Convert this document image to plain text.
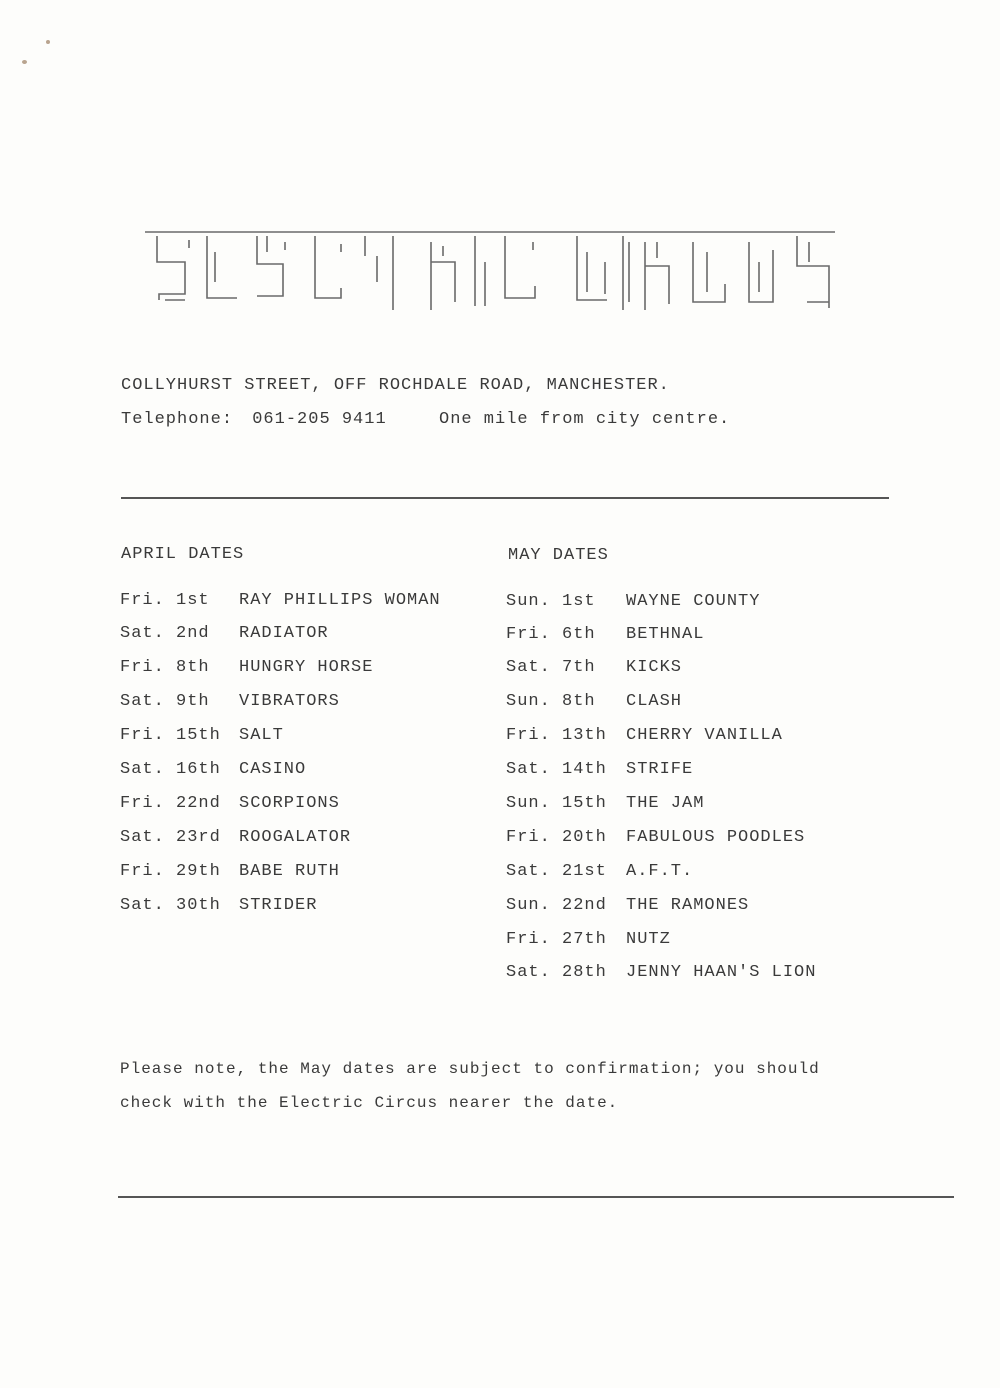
COLLYHURST STREET, OFF ROCHDALE ROAD, MANCHESTER.
Telephone: 061-205 9411	One mile from city centre.
APRIL DATES	MAY DATES
Fri. 1st RAY PHILLIPS WOMAN
Sat. 2nd RADIATOR
Fri. 8th HUNGRY HORSE
Sat. 9th VIBRATORS
Fri. 15th SALT
Sat. 16th CASINO
Fri. 22nd SCORPIONS
Sat. 23rd ROOGALATOR
Fri. 29th BABE RUTH
Sat. 30th STRIDER
Sun. 1st WAYNE COUNTY
Fri. 6th BETHNAL
Sat. 7th KICKS
Sun. 8th CLASH
Fri. 13th CHERRY VANILLA
Sat. 14th STRIFE
Sun. 15th THE JAM
Fri. 20th FABULOUS POODLES
Sat. 21st A.F.T.
Sun. 22nd THE RAMONES
Fri. 27th NUTZ
Sat. 28th JENNY HAAN'S LION
Please note, the May dates are subject to confirmation; you should
check with the Electric Circus nearer the date.
